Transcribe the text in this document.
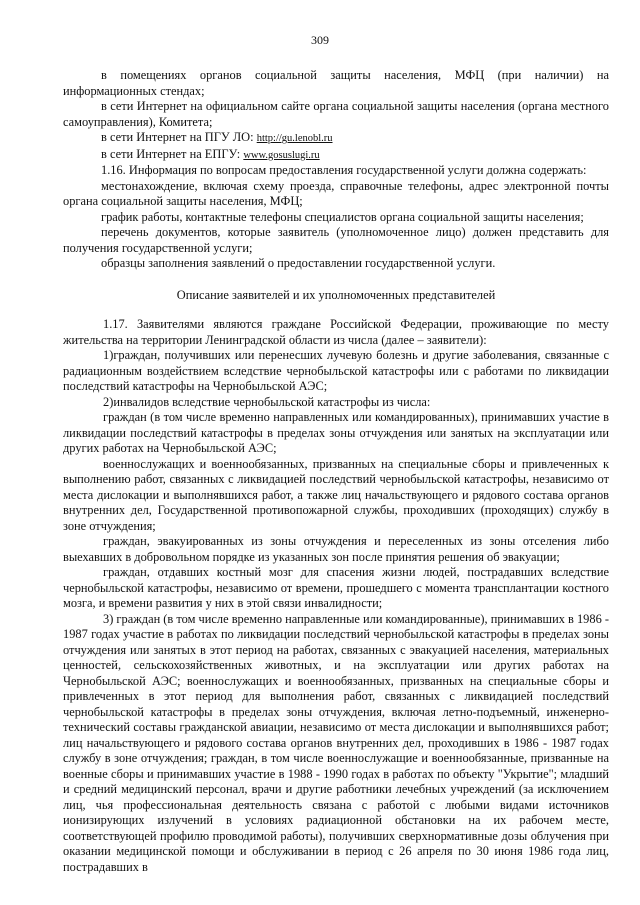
309

в помещениях органов социальной защиты населения, МФЦ (при наличии) на информационных стендах;

в сети Интернет на официальном сайте органа социальной защиты населения (органа местного самоуправления), Комитета;

в сети Интернет на ПГУ ЛО: http://gu.lenobl.ru

в сети Интернет на ЕПГУ: www.gosuslugi.ru

1.16. Информация по вопросам предоставления государственной услуги должна содержать:

местонахождение, включая схему проезда, справочные телефоны, адрес электронной почты органа социальной защиты населения, МФЦ;

график работы, контактные телефоны специалистов органа социальной защиты населения;

перечень документов, которые заявитель (уполномоченное лицо) должен представить для получения государственной услуги;

образцы заполнения заявлений о предоставлении государственной услуги.

Описание заявителей и их уполномоченных представителей

1.17. Заявителями являются граждане Российской Федерации, проживающие по месту жительства на территории Ленинградской области из числа (далее – заявители):

1)граждан, получивших или перенесших лучевую болезнь и другие заболевания, связанные с радиационным воздействием вследствие чернобыльской катастрофы или с работами по ликвидации последствий катастрофы на Чернобыльской АЭС;

2)инвалидов вследствие чернобыльской катастрофы из числа:

граждан (в том числе временно направленных или командированных), принимавших участие в ликвидации последствий катастрофы в пределах зоны отчуждения или занятых на эксплуатации или других работах на Чернобыльской АЭС;

военнослужащих и военнообязанных, призванных на специальные сборы и привлеченных к выполнению работ, связанных с ликвидацией последствий чернобыльской катастрофы, независимо от места дислокации и выполнявшихся работ, а также лиц начальствующего и рядового состава органов внутренних дел, Государственной противопожарной службы, проходивших (проходящих) службу в зоне отчуждения;

граждан, эвакуированных из зоны отчуждения и переселенных из зоны отселения либо выехавших в добровольном порядке из указанных зон после принятия решения об эвакуации;

граждан, отдавших костный мозг для спасения жизни людей, пострадавших вследствие чернобыльской катастрофы, независимо от времени, прошедшего с момента трансплантации костного мозга, и времени развития у них в этой связи инвалидности;

3) граждан (в том числе временно направленные или командированные), принимавших в 1986 - 1987 годах участие в работах по ликвидации последствий чернобыльской катастрофы в пределах зоны отчуждения или занятых в этот период на работах, связанных с эвакуацией населения, материальных ценностей, сельскохозяйственных животных, и на эксплуатации или других работах на Чернобыльской АЭС; военнослужащих и военнообязанных, призванных на специальные сборы и привлеченных в этот период для выполнения работ, связанных с ликвидацией последствий чернобыльской катастрофы в пределах зоны отчуждения, включая летно-подъемный, инженерно-технический составы гражданской авиации, независимо от места дислокации и выполнявшихся работ; лиц начальствующего и рядового состава органов внутренних дел, проходивших в 1986 - 1987 годах службу в зоне отчуждения; граждан, в том числе военнослужащие и военнообязанные, призванные на военные сборы и принимавших участие в 1988 - 1990 годах в работах по объекту "Укрытие"; младший и средний медицинский персонал, врачи и другие работники лечебных учреждений (за исключением лиц, чья профессиональная деятельность связана с работой с любыми видами источников ионизирующих излучений в условиях радиационной обстановки на их рабочем месте, соответствующей профилю проводимой работы), получивших сверхнормативные дозы облучения при оказании медицинской помощи и обслуживании в период с 26 апреля по 30 июня 1986 года лиц, пострадавших в
